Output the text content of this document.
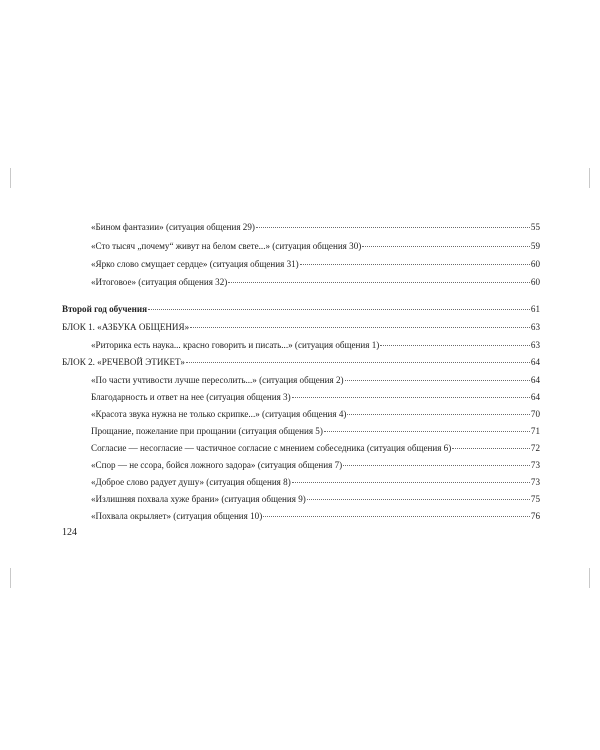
«Бином фантазии» (ситуация общения 29)	55
«Сто тысяч „почему“ живут на белом свете...» (ситуация общения 30)	59
«Ярко слово смущает сердце» (ситуация общения 31)	60
«Итоговое» (ситуация общения 32)	60
Второй год обучения	61
БЛОК 1. «АЗБУКА ОБЩЕНИЯ»	63
«Риторика есть наука... красно говорить и писать...» (ситуация общения 1)	63
БЛОК 2. «РЕЧЕВОЙ ЭТИКЕТ»	64
«По части учтивости лучше пересолить...» (ситуация общения 2)	64
Благодарность и ответ на нее (ситуация общения 3)	64
«Красота звука нужна не только скрипке...» (ситуация общения 4)	70
Прощание, пожелание при прощании (ситуация общения 5)	71
Согласие — несогласие — частичное согласие с мнением собеседника (ситуация общения 6)	72
«Спор — не ссора, бойся ложного задора» (ситуация общения 7)	73
«Доброе слово радует душу» (ситуация общения 8)	73
«Излишняя похвала хуже брани» (ситуация общения 9)	75
«Похвала окрыляет» (ситуация общения 10)	76
124
